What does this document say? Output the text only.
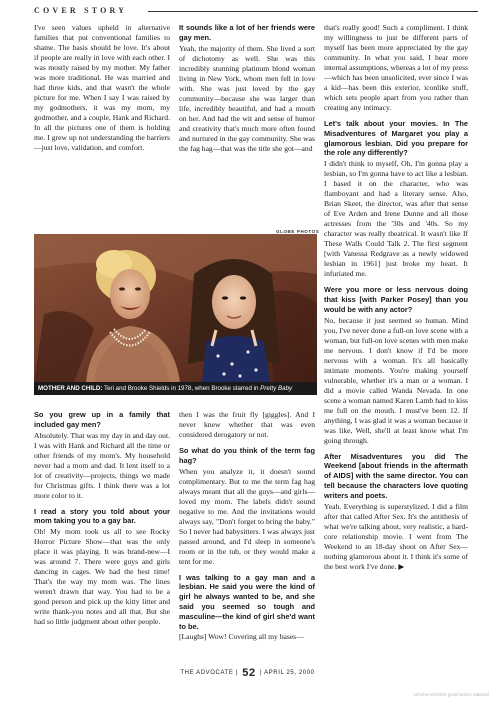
COVER STORY

I've seen values upheld in alternative families that put conventional families to shame. The basis should be love. It's about if people are really in love with each other. I was mostly raised by my mother. My father was more traditional. He was married and had three kids, and that wasn't the whole picture for me. When I say I was raised by my godmothers, it was my mom, my godmother, and a couple, Hank and Richard. In all the pictures one of them is holding me. I grew up not understanding the barriers—just love, validation, and comfort.

It sounds like a lot of her friends were gay men.

Yeah, the majority of them. She lived a sort of dichotomy as well. She was this incredibly stunning platinum blond woman living in New York, whom men fell in love with. She was just loved by the gay community—because she was larger than life, incredibly beautiful, and had a mouth on her. And had the wit and sense of humor and creativity that's much more often found and nurtured in the gay community. She was the fag hag—that was the title she got—and

that's really good! Such a compliment. I think my willingness to just be different parts of myself has been more appreciated by the gay community. In what you said, I hear more internal assumptions, whereas a lot of my press—which has been unsolicited, ever since I was a kid—has been this exterior, iconlike stuff, which sets people apart from you rather than creating any intimacy.

Let's talk about your movies. In The Misadventures of Margaret you play a glamorous lesbian. Did you prepare for the role any differently?

I didn't think to myself, Oh, I'm gonna play a lesbian, so I'm gonna have to act like a lesbian. I based it on the character, who was flamboyant and had a literary sense. Also, Brian Skeet, the director, was after that sense of Eve Arden and Irene Dunne and all those actresses from the '30s and '40s. So my character was really theatrical. It wasn't like If These Walls Could Talk 2. The first segment [with Vanessa Redgrave as a newly widowed lesbian in 1961] just broke my heart. It infuriated me.

Were you more or less nervous doing that kiss [with Parker Posey] than you would be with any actor?

No, because it just seemed so human. Mind you, I've never done a full-on love scene with a woman, but full-on love scenes with men make me nervous. I don't know if I'd be more nervous with a woman. It's all basically intimate moments. You're making yourself vulnerable, whether it's a man or a woman. I did a movie called Wanda Nevada. In one scene a woman named Karen Lamb had to kiss me full on the mouth. I must've been 12. If anything, I was glad it was a woman because it was like, Well, she'll at least know what I'm going through.

After Misadventures you did The Weekend [about friends in the aftermath of AIDS] with the same director. You can tell because the characters love quoting writers and poets.

Yeah. Everything is superstylized. I did a film after that called After Sex. It's the antithesis of what we're talking about, very realistic, a hard-core relationship movie. I went from The Weekend to an 18-day shoot on After Sex—nothing glamorous about it. I think it's some of the best work I've done. ▶

GLOBE PHOTOS
MOTHER AND CHILD: Teri and Brooke Shields in 1978, when Brooke starred in Pretty Baby

So you grew up in a family that included gay men?

Absolutely. That was my day in and day out. I was with Hank and Richard all the time or other friends of my mom's. My household never had a mom and dad. It lent itself to a lot of creativity—projects, things we made for Christmas gifts. I think there was a lot more color to it.

I read a story you told about your mom taking you to a gay bar.

Oh! My mom took us all to see Rocky Horror Picture Show—that was the only place it was playing. It was brand-new—I was around 7. There were guys and girls dancing in cages. We had the best time! That's the way my mom was. The lines weren't drawn that way. You had to be a good person and pick up the kitty litter and write thank-you notes and all that. But she had so little judgment about other people.

then I was the fruit fly [giggles]. And I never knew whether that was even considered derogatory or not.

So what do you think of the term fag hag?

When you analyze it, it doesn't sound complimentary. But to me the term fag hag always meant that all the guys—and girls—loved my mom. The labels didn't sound negative to me. And the invitations would always say, "Don't forget to bring the baby." So I never had babysitters. I was always just passed around, and I'd sleep in someone's room or in the tub, or they would make a tent for me.

I was talking to a gay man and a lesbian. He said you were the kind of girl he always wanted to be, and she said you seemed so tough and masculine—the kind of girl she'd want to be.

[Laughs] Wow! Covering all my bases—

THE ADVOCATE | 52 | APRIL 25, 2000
Urheberrechtlich geschütztes Material
